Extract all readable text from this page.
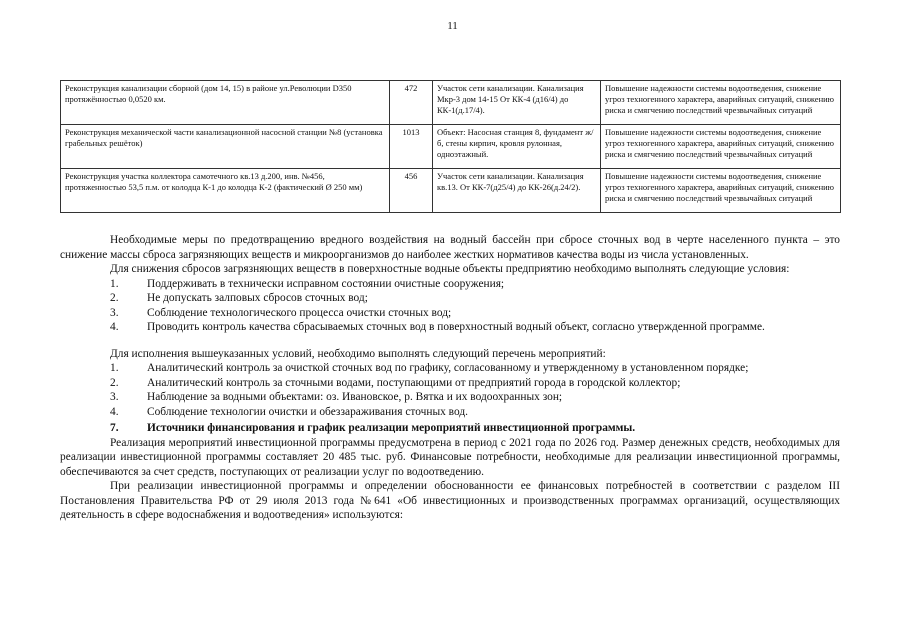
11
Реконструкция канализации сборной (дом 14, 15) в районе ул.Революции D350 протяжённостью 0,0520 км.	472	Участок сети канализации. Канализация Мкр-3 дом 14-15 От КК-4 (д16/4) до КК-1(д.17/4).	Повышение надежности системы водоотведения, снижение угроз техногенного характера, аварийных ситуаций, снижению риска и смягчению последствий чрезвычайных ситуаций
Реконструкция механической части канализационной насосной станции №8 (установка грабельных решёток)	1013	Объект: Насосная станция 8, фундамент ж/б, стены кирпич, кровля рулонная, одноэтажный.	Повышение надежности системы водоотведения, снижение угроз техногенного характера, аварийных ситуаций, снижению риска и смягчению последствий чрезвычайных ситуаций
Реконструкция участка коллектора самотечного кв.13 д.200, инв. №456, протяженностью 53,5 п.м. от колодца К-1 до колодца К-2 (фактический Ø 250 мм)	456	Участок сети канализации. Канализация кв.13. От КК-7(д25/4) до КК-26(д.24/2).	Повышение надежности системы водоотведения, снижение угроз техногенного характера, аварийных ситуаций, снижению риска и смягчению последствий чрезвычайных ситуаций

Необходимые меры по предотвращению вредного воздействия на водный бассейн при сбросе сточных вод в черте населенного пункта – это снижение массы сброса загрязняющих веществ и микроорганизмов до наиболее жестких нормативов качества воды из числа установленных.

Для снижения сбросов загрязняющих веществ в поверхностные водные объекты предприятию необходимо выполнять следующие условия:

1.	Поддерживать в технически исправном состоянии очистные сооружения;
2.	Не допускать залповых сбросов сточных вод;
3.	Соблюдение технологического процесса очистки сточных вод;

4. Проводить контроль качества сбрасываемых сточных вод в поверхностный водный объект, согласно утвержденной программе.

Для исполнения вышеуказанных условий, необходимо выполнять следующий перечень мероприятий:

1.	Аналитический контроль за очисткой сточных вод по графику, согласованному и утвержденному в установленном порядке;
2.	Аналитический контроль за сточными водами, поступающими от предприятий города в городской коллектор;
3.	Наблюдение за водными объектами: оз. Ивановское, р. Вятка и их водоохранных зон;
4.	Соблюдение технологии очистки и обеззараживания сточных вод.
7.	Источники финансирования и график реализации мероприятий инвестиционной программы.

Реализация мероприятий инвестиционной программы предусмотрена в период с 2021 года по 2026 год. Размер денежных средств, необходимых для реализации инвестиционной программы составляет 20 485 тыс. руб. Финансовые потребности, необходимые для реализации инвестиционной программы, обеспечиваются за счет средств, поступающих от реализации услуг по водоотведению.

При реализации инвестиционной программы и определении обоснованности ее финансовых потребностей в соответствии с разделом III Постановления Правительства РФ от 29 июля 2013 года №641 «Об инвестиционных и производственных программах организаций, осуществляющих деятельность в сфере водоснабжения и водоотведения» используются:
